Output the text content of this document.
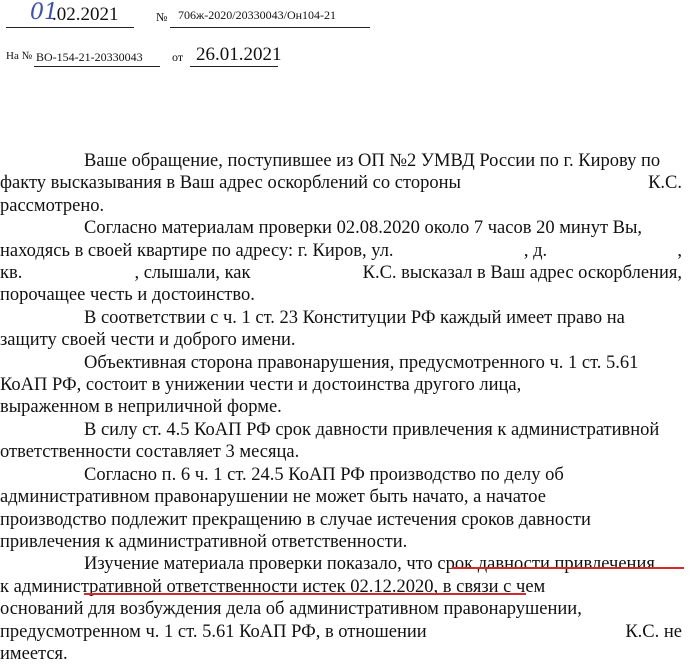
01
.02.2021	№ 706ж-2020/20330043/Он104-21
На № ВО-154-21-20330043 от 26.01.2021
Ваше обращение, поступившее из ОП №2 УМВД России по г. Кирову по
факту высказывания в Ваш адрес оскорблений со стороны	К.С.
рассмотрено.
Согласно материалам проверки 02.08.2020 около 7 часов 20 минут Вы,
находясь в своей квартире по адресу: г. Киров, ул.	, д.	,
кв.	, слышали, как	К.С. высказал в Ваш адрес оскорбления,
порочащее честь и достоинство.
В соответствии с ч. 1 ст. 23 Конституции РФ каждый имеет право на
защиту своей чести и доброго имени.
Объективная сторона правонарушения, предусмотренного ч. 1 ст. 5.61
КоАП РФ, состоит в унижении чести и достоинства другого лица,
выраженном в неприличной форме.
В силу ст. 4.5 КоАП РФ срок давности привлечения к административной
ответственности составляет 3 месяца.
Согласно п. 6 ч. 1 ст. 24.5 КоАП РФ производство по делу об
административном правонарушении не может быть начато, а начатое
производство подлежит прекращению в случае истечения сроков давности
привлечения к административной ответственности.
Изучение материала проверки показало, что срок давности привлечения
к административной ответственности истек 02.12.2020, в связи с чем
оснований для возбуждения дела об административном правонарушении,
предусмотренном ч. 1 ст. 5.61 КоАП РФ, в отношении	К.С. не
имеется.
